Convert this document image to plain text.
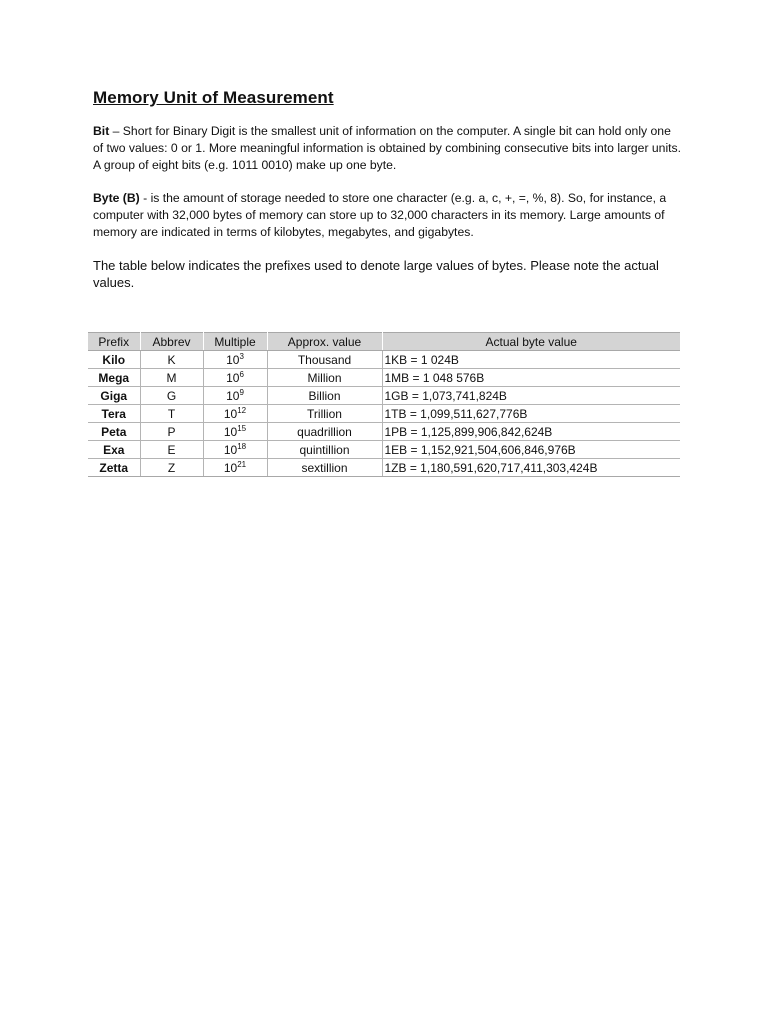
Memory Unit of Measurement

Bit – Short for Binary Digit is the smallest unit of information on the computer. A single bit can hold only one of two values: 0 or 1. More meaningful information is obtained by combining consecutive bits into larger units. A group of eight bits (e.g. 1011 0010) make up one byte.

Byte (B) - is the amount of storage needed to store one character (e.g. a, c, +, =, %, 8). So, for instance, a computer with 32,000 bytes of memory can store up to 32,000 characters in its memory. Large amounts of memory are indicated in terms of kilobytes, megabytes, and gigabytes.

The table below indicates the prefixes used to denote large values of bytes. Please note the actual values.

Prefix	Abbrev	Multiple	Approx. value	Actual byte value
Kilo	K	$10^3$	Thousand	1KB = 1 024B
Mega	M	$10^6$	Million	1MB = 1 048 576B
Giga	G	$10^9$	Billion	1GB = 1,073,741,824B
Tera	T	$10^{12}$	Trillion	1TB = 1,099,511,627,776B
Peta	P	$10^{15}$	quadrillion	1PB = 1,125,899,906,842,624B
Exa	E	$10^{18}$	quintillion	1EB = 1,152,921,504,606,846,976B
Zetta	Z	$10^{21}$	sextillion	1ZB = 1,180,591,620,717,411,303,424B
